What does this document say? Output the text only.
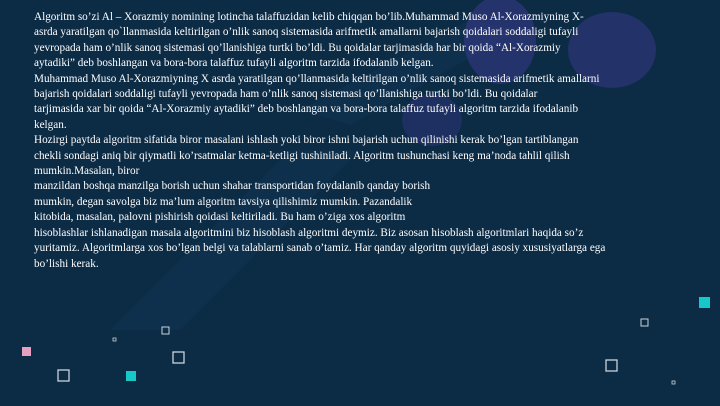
Algoritm so’zi Al – Xorazmiy nomining lotincha talaffuzidan kelib chiqqan bo’lib.Muhammad Muso Al-Xorazmiyning X-

asrda yaratilgan qo`llanmasida keltirilgan o’nlik sanoq sistemasida arifmetik amallarni bajarish qoidalari soddaligi tufayli

yevropada ham o’nlik sanoq sistemasi qo’llanishiga turtki bo’ldi. Bu qoidalar tarjimasida har bir qoida “Al-Xorazmiy

aytadiki” deb boshlangan va bora-bora talaffuz tufayli algoritm tarzida ifodalanib kelgan.

Muhammad Muso Al-Xorazmiyning X asrda yaratilgan qo’llanmasida keltirilgan o’nlik sanoq sistemasida arifmetik amallarni

bajarish qoidalari soddaligi tufayli yevropada ham o’nlik sanoq sistemasi qo’llanishiga turtki bo’ldi. Bu qoidalar

tarjimasida xar bir qoida “Al-Xorazmiy aytadiki” deb boshlangan va bora-bora talaffuz tufayli algoritm tarzida ifodalanib

kelgan.

Hozirgi paytda algoritm sifatida biror masalani ishlash yoki biror ishni bajarish uchun qilinishi kerak bo’lgan tartiblangan

chekli sondagi aniq bir qiymatli ko’rsatmalar ketma-ketligi tushiniladi. Algoritm tushunchasi keng ma’noda tahlil qilish

mumkin.Masalan, biror

manzildan boshqa manzilga borish uchun shahar transportidan foydalanib qanday borish

mumkin, degan savolga biz ma’lum algoritm tavsiya qilishimiz mumkin. Pazandalik

kitobida, masalan, palovni pishirish qoidasi keltiriladi. Bu ham o’ziga xos algoritm

hisoblashlar ishlanadigan masala algoritmini biz hisoblash algoritmi deymiz. Biz asosan hisoblash algoritmlari haqida so’z

yuritamiz. Algoritmlarga xos bo’lgan belgi va talablarni sanab o’tamiz. Har qanday algoritm quyidagi asosiy xususiyatlarga ega

bo’lishi kerak.
